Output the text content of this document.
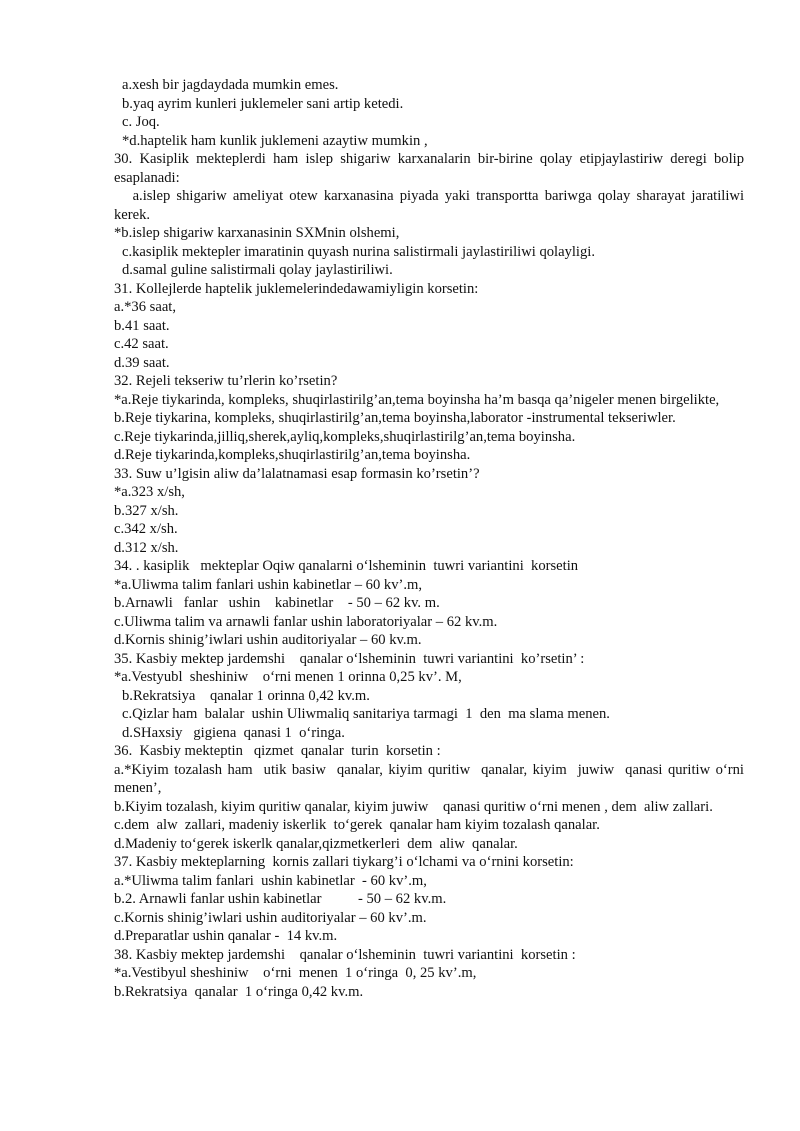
a.xesh bir jagdaydada mumkin emes.
b.yaq ayrim kunleri juklemeler sani artip ketedi.
c. Joq.
*d.haptelik ham kunlik juklemeni azaytiw mumkin ,
30. Kasiplik mekteplerdi ham islep shigariw karxanalarin bir-birine qolay etipjaylastiriw deregi bolip esaplanadi:
a.islep shigariw ameliyat otew karxanasina piyada yaki transportta bariwga qolay sharayat jaratiliwi kerek.
*b.islep shigariw karxanasinin SXMnin olshemi,
c.kasiplik mektepler imaratinin quyash nurina salistirmali jaylastiriliwi qolayligi.
d.samal guline salistirmali qolay jaylastiriliwi.
31. Kollejlerde haptelik juklemelerindedawamiyligin korsetin:
a.*36 saat,
b.41 saat.
c.42 saat.
d.39 saat.
32. Rejeli tekseriw tu’rlerin ko’rsetin?
*a.Reje tiykarinda, kompleks, shuqirlastirilg’an,tema boyinsha ha’m basqa qa’nigeler menen birgelikte,
b.Reje tiykarina, kompleks, shuqirlastirilg’an,tema boyinsha,laborator -instrumental tekseriwler.
c.Reje tiykarinda,jilliq,sherek,ayliq,kompleks,shuqirlastirilg’an,tema boyinsha.
d.Reje tiykarinda,kompleks,shuqirlastirilg’an,tema boyinsha.
33. Suw u’lgisin aliw da’lalatnamasi esap formasin ko’rsetin’?
*a.323 x/sh,
b.327 x/sh.
c.342 x/sh.
d.312 x/sh.
34. . kasiplik   mekteplar Oqiw qanalarni o‘lsheminin  tuwri variantini  korsetin
*a.Uliwma talim fanlari ushin kabinetlar – 60 kv’.m,
b.Arnawli   fanlar   ushin    kabinetlar    - 50 – 62 kv. m.
c.Uliwma talim va arnawli fanlar ushin laboratoriyalar – 62 kv.m.
d.Kornis shinig’iwlari ushin auditoriyalar – 60 kv.m.
35. Kasbiy mektep jardemshi    qanalar o‘lsheminin  tuwri variantini  ko’rsetin’ :
*a.Vestyubl  sheshiniw    o‘rni menen 1 orinna 0,25 kv’. M,
b.Rekratsiya    qanalar 1 orinna 0,42 kv.m.
c.Qizlar ham  balalar  ushin Uliwmaliq sanitariya tarmagi  1  den  ma slama menen.
d.SHaxsiy   gigiena  qanasi 1  o‘ringa.
36.  Kasbiy mekteptin   qizmet  qanalar  turin  korsetin :
a.*Kiyim tozalash ham  utik basiw  qanalar, kiyim quritiw  qanalar, kiyim  juwiw  qanasi quritiw o‘rni menen’,
b.Kiyim tozalash, kiyim quritiw qanalar, kiyim juwiw    qanasi quritiw o‘rni menen , dem  aliw zallari.
c.dem  alw  zallari, madeniy iskerlik  to‘gerek  qanalar ham kiyim tozalash qanalar.
d.Madeniy to‘gerek iskerlk qanalar,qizmetkerleri  dem  aliw  qanalar.
37. Kasbiy mekteplarning  kornis zallari tiykarg’i o‘lchami va o‘rnini korsetin:
a.*Uliwma talim fanlari  ushin kabinetlar  - 60 kv’.m,
b.2. Arnawli fanlar ushin kabinetlar          - 50 – 62 kv.m.
c.Kornis shinig’iwlari ushin auditoriyalar – 60 kv’.m.
d.Preparatlar ushin qanalar -  14 kv.m.
38. Kasbiy mektep jardemshi    qanalar o‘lsheminin  tuwri variantini  korsetin :
*a.Vestibyul sheshiniw    o‘rni  menen  1 o‘ringa  0, 25 kv’.m,
b.Rekratsiya  qanalar  1 o‘ringa 0,42 kv.m.
